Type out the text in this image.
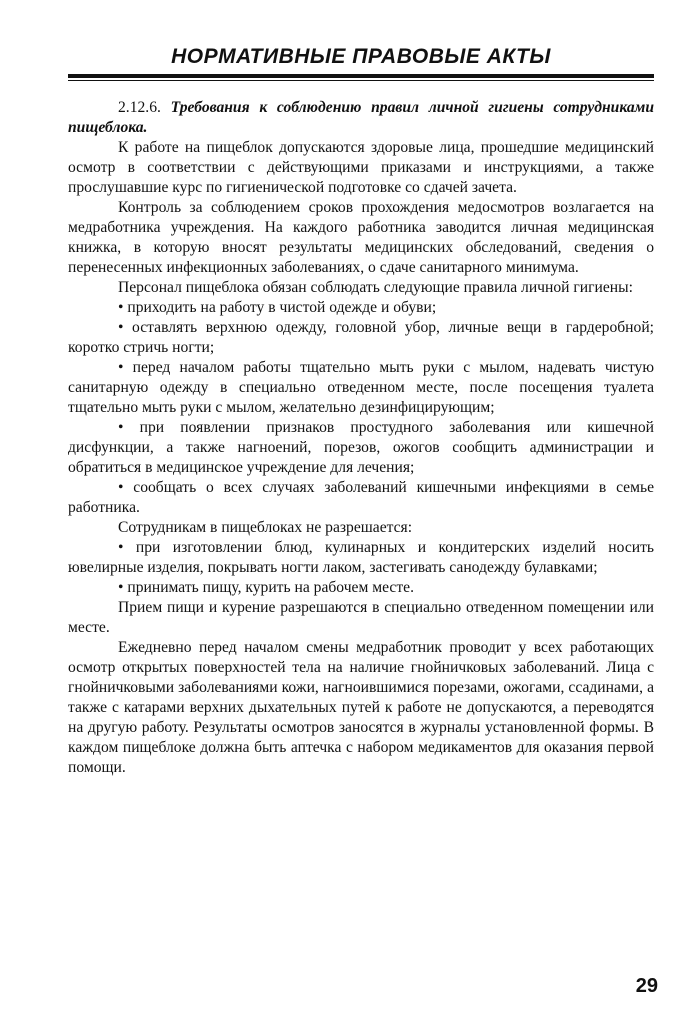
НОРМАТИВНЫЕ ПРАВОВЫЕ АКТЫ

2.12.6. Требования к соблюдению правил личной гигиены сотрудниками пищеблока.

К работе на пищеблок допускаются здоровые лица, прошедшие медицинский осмотр в соответствии с действующими приказами и инструкциями, а также прослушавшие курс по гигиенической подготовке со сдачей зачета.

Контроль за соблюдением сроков прохождения медосмотров возлагается на медработника учреждения. На каждого работника заводится личная медицинская книжка, в которую вносят результаты медицинских обследований, сведения о перенесенных инфекционных заболеваниях, о сдаче санитарного минимума.

Персонал пищеблока обязан соблюдать следующие правила личной гигиены:

• приходить на работу в чистой одежде и обуви;

• оставлять верхнюю одежду, головной убор, личные вещи в гардеробной; коротко стричь ногти;

• перед началом работы тщательно мыть руки с мылом, надевать чистую санитарную одежду в специально отведенном месте, после посещения туалета тщательно мыть руки с мылом, желательно дезинфицирующим;

• при появлении признаков простудного заболевания или кишечной дисфункции, а также нагноений, порезов, ожогов сообщить администрации и обратиться в медицинское учреждение для лечения;

• сообщать о всех случаях заболеваний кишечными инфекциями в семье работника.

Сотрудникам в пищеблоках не разрешается:

• при изготовлении блюд, кулинарных и кондитерских изделий носить ювелирные изделия, покрывать ногти лаком, застегивать санодежду булавками;

• принимать пищу, курить на рабочем месте.

Прием пищи и курение разрешаются в специально отведенном помещении или месте.

Ежедневно перед началом смены медработник проводит у всех работающих осмотр открытых поверхностей тела на наличие гнойничковых заболеваний. Лица с гнойничковыми заболеваниями кожи, нагноившимися порезами, ожогами, ссадинами, а также с катарами верхних дыхательных путей к работе не допускаются, а переводятся на другую работу. Результаты осмотров заносятся в журналы установленной формы. В каждом пищеблоке должна быть аптечка с набором медикаментов для оказания первой помощи.

29
